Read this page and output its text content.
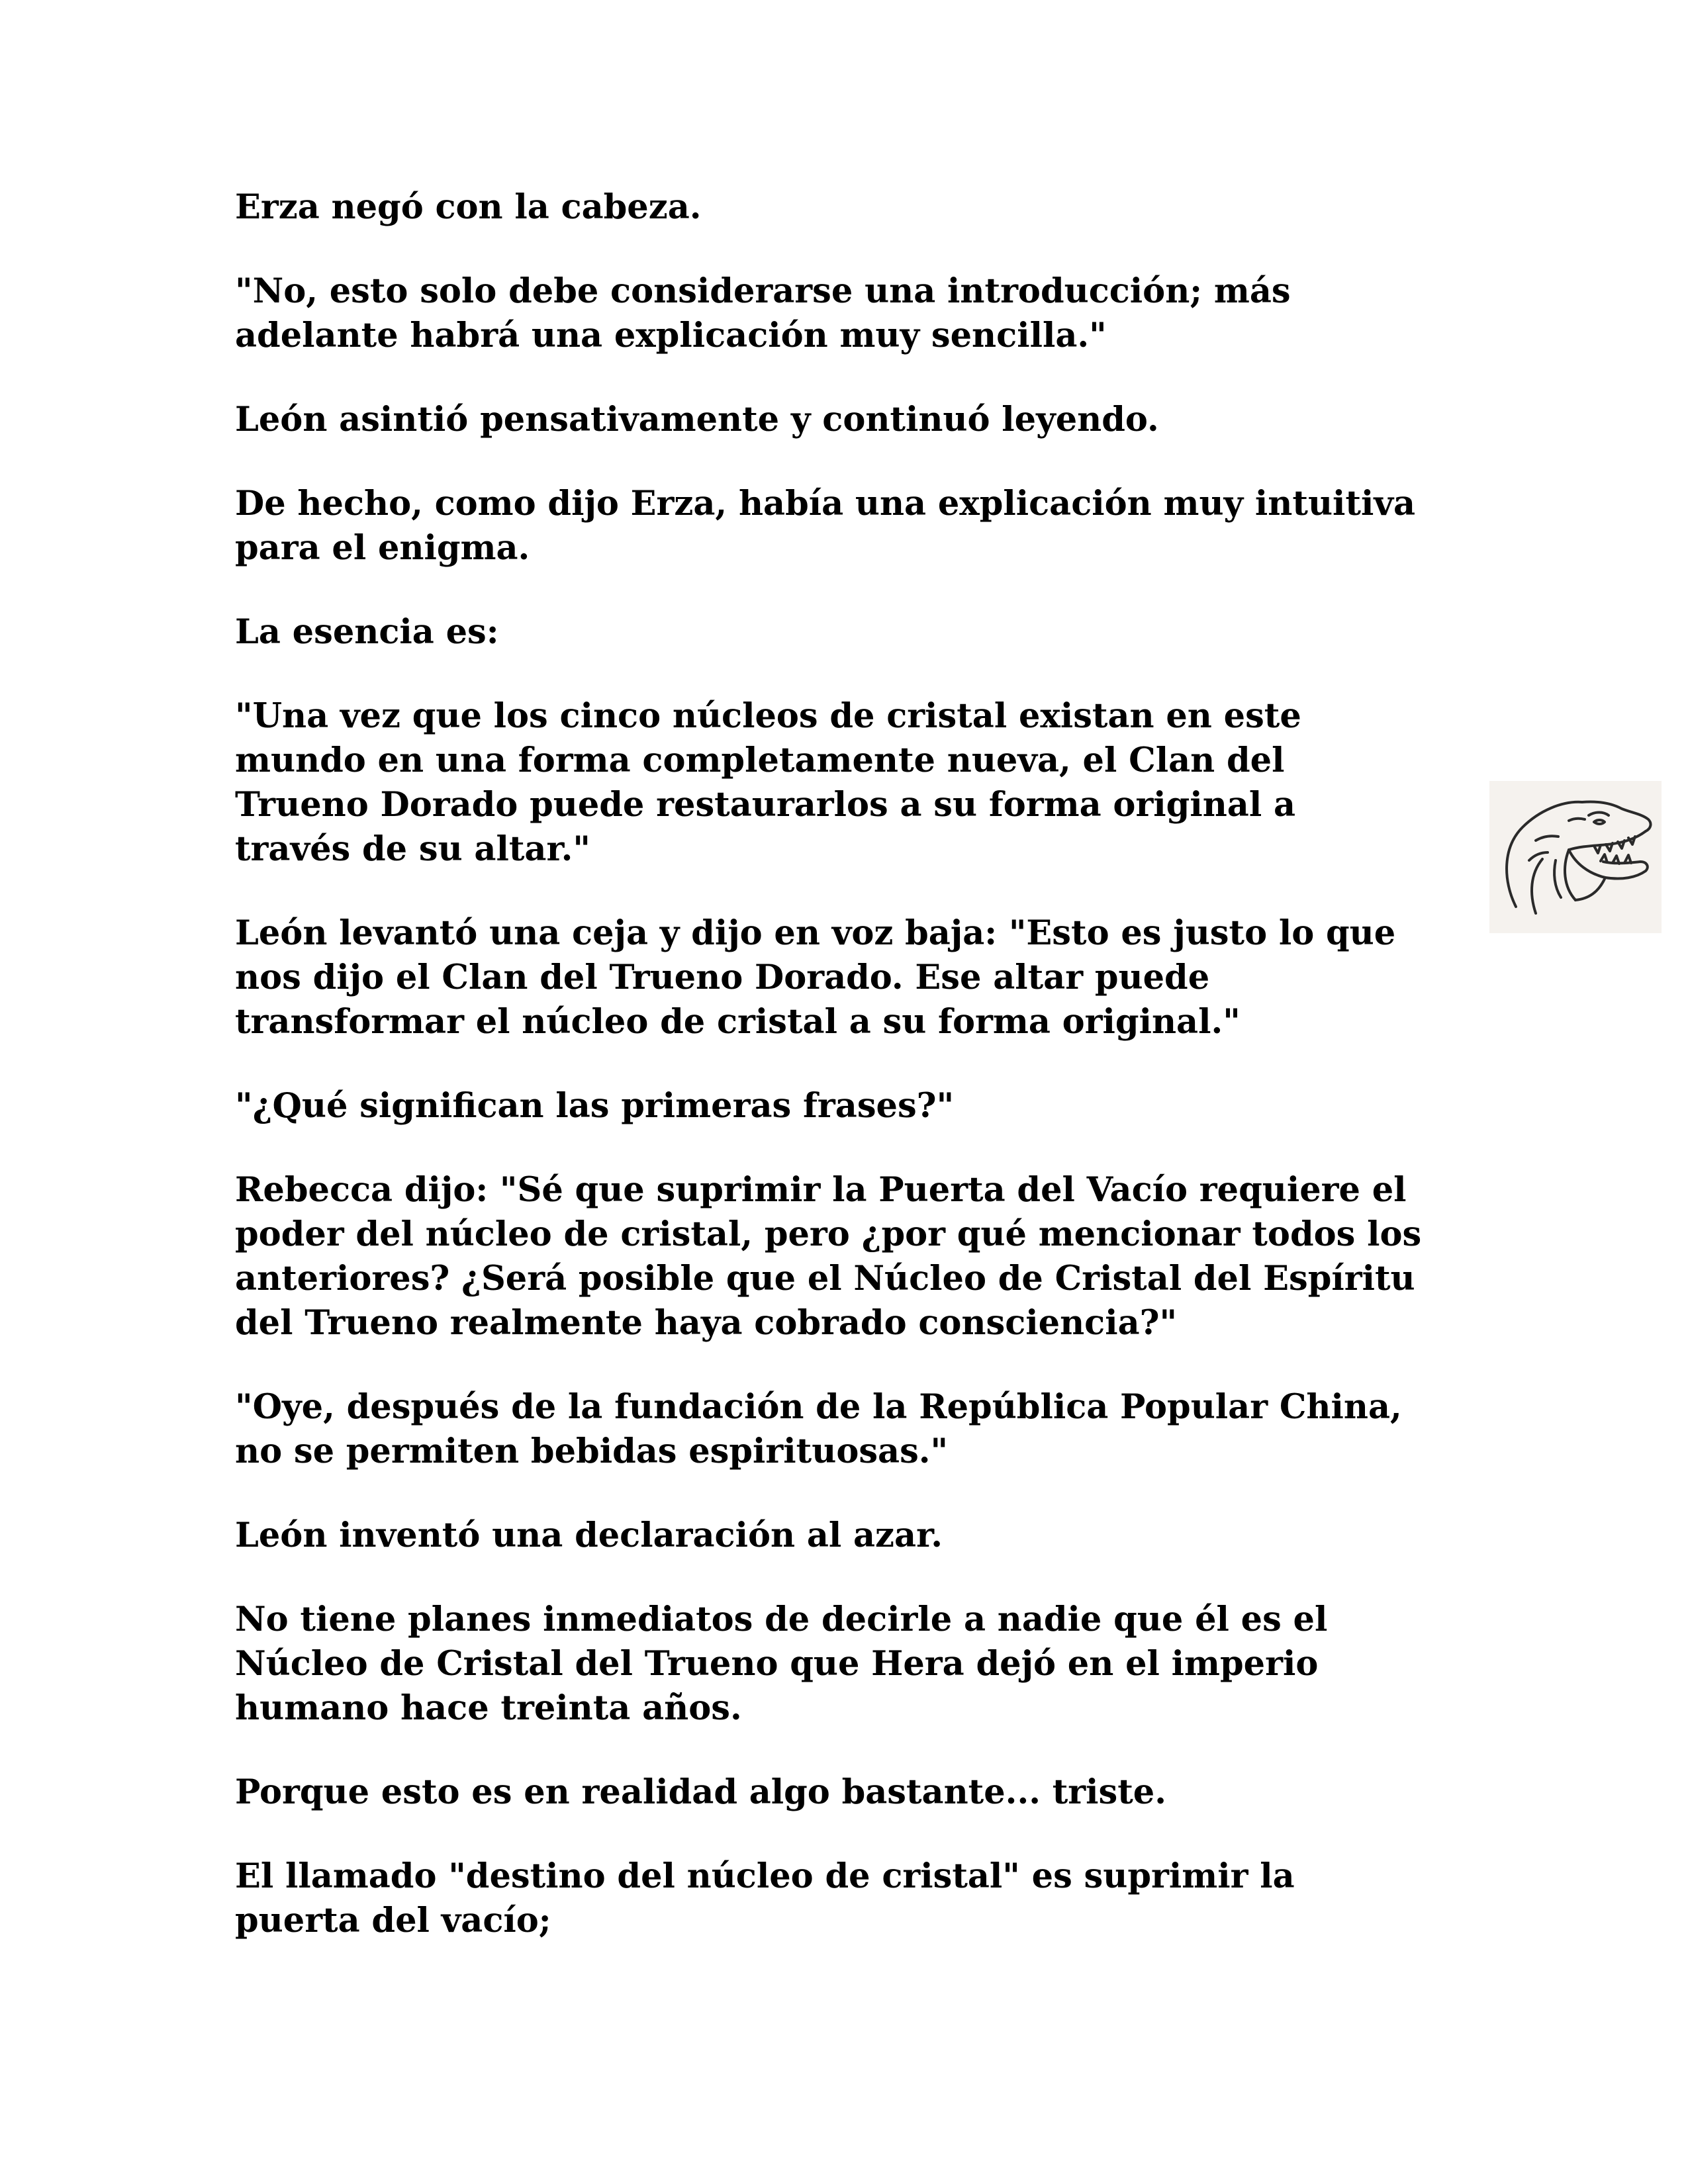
Erza negó con la cabeza.

"No, esto solo debe considerarse una introducción; más
adelante habrá una explicación muy sencilla."

León asintió pensativamente y continuó leyendo.

De hecho, como dijo Erza, había una explicación muy intuitiva
para el enigma.

La esencia es:

"Una vez que los cinco núcleos de cristal existan en este
mundo en una forma completamente nueva, el Clan del
Trueno Dorado puede restaurarlos a su forma original a
través de su altar."

León levantó una ceja y dijo en voz baja: "Esto es justo lo que
nos dijo el Clan del Trueno Dorado. Ese altar puede
transformar el núcleo de cristal a su forma original."

"¿Qué significan las primeras frases?"

Rebecca dijo: "Sé que suprimir la Puerta del Vacío requiere el
poder del núcleo de cristal, pero ¿por qué mencionar todos los
anteriores? ¿Será posible que el Núcleo de Cristal del Espíritu
del Trueno realmente haya cobrado consciencia?"

"Oye, después de la fundación de la República Popular China,
no se permiten bebidas espirituosas."

León inventó una declaración al azar.

No tiene planes inmediatos de decirle a nadie que él es el
Núcleo de Cristal del Trueno que Hera dejó en el imperio
humano hace treinta años.

Porque esto es en realidad algo bastante... triste.

El llamado "destino del núcleo de cristal" es suprimir la
puerta del vacío;
